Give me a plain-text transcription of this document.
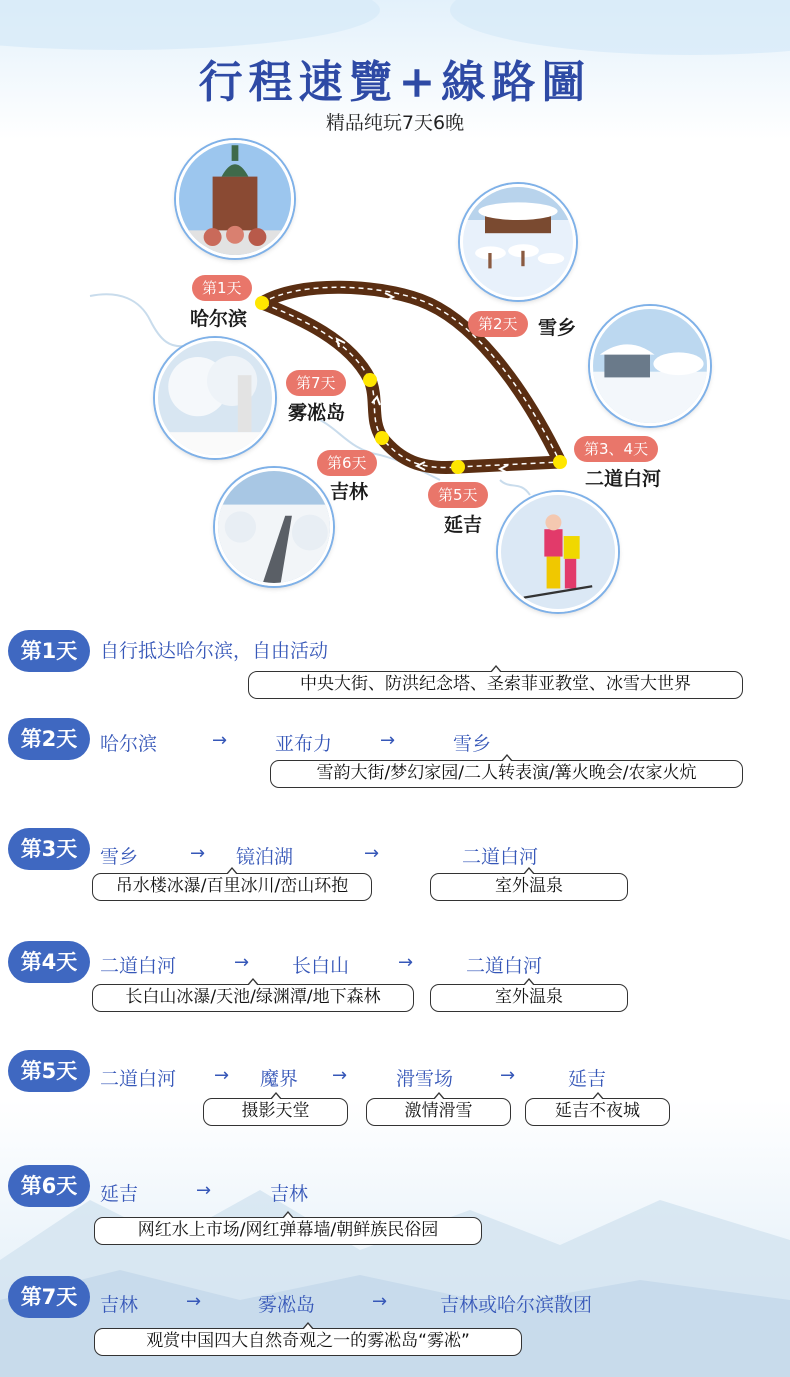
行程速覽+線路圖
精品纯玩7天6晚
第1天
哈尔滨	第2天	雪乡
第3、4天
二道白河
第5天
延吉
第6天
吉林
第7天
雾凇岛
第1天	自行抵达哈尔滨，自由活动
中央大街、防洪纪念塔、圣索菲亚教堂、冰雪大世界
第2天	哈尔滨	→	亚布力	→	雪乡
雪韵大街/梦幻家园/二人转表演/篝火晚会/农家火炕
第3天	雪乡	→ 镜泊湖	→	二道白河
吊水楼冰瀑/百里冰川/峦山环抱	室外温泉
第4天	二道白河	→ 长白山	→	二道白河
长白山冰瀑/天池/绿渊潭/地下森林	室外温泉
第5天	二道白河 → 魔界 →	滑雪场	→	延吉
摄影天堂	激情滑雪	延吉不夜城
第6天	延吉	→	吉林
网红水上市场/网红弹幕墙/朝鲜族民俗园
第7天	吉林	→	雾凇岛	→	吉林或哈尔滨散团
观赏中国四大自然奇观之一的雾凇岛“雾凇”
